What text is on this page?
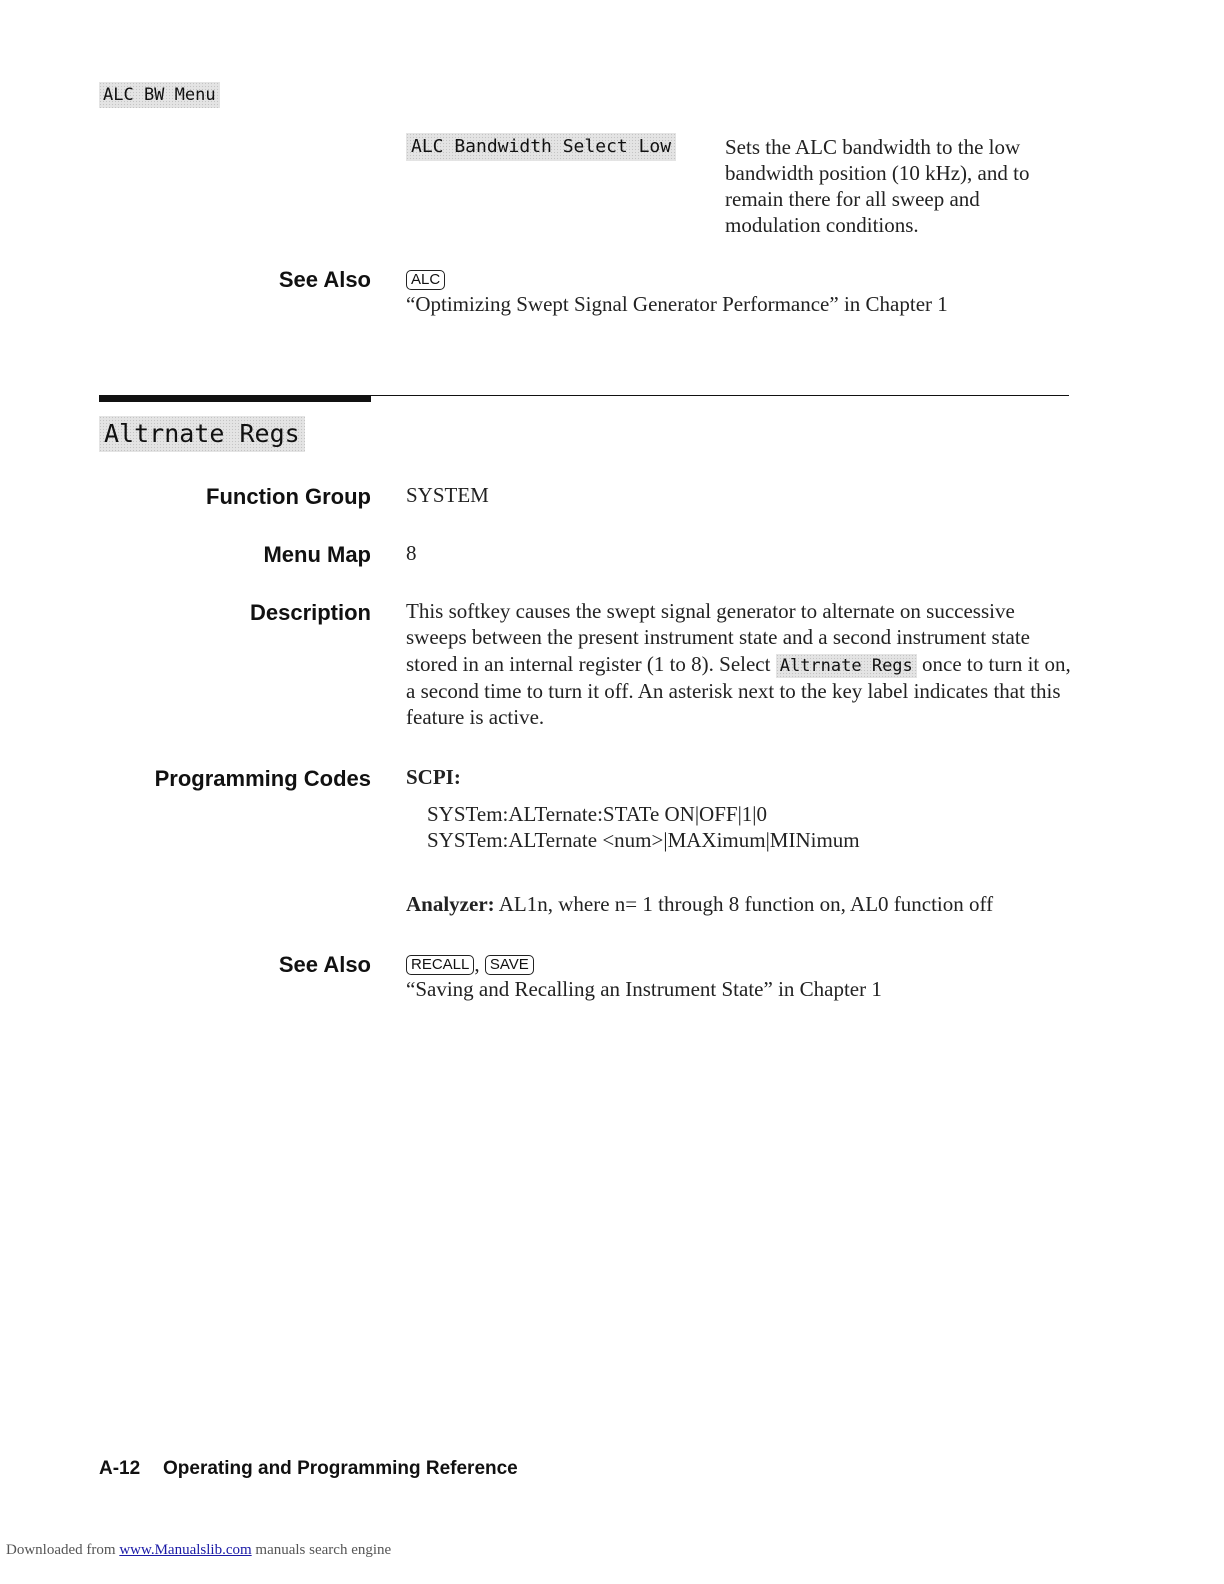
ALC BW Menu
ALC Bandwidth Select Low	Sets the ALC bandwidth to the low bandwidth position (10 kHz), and to remain there for all sweep and modulation conditions.
See Also	ALC
“Optimizing Swept Signal Generator Performance” in Chapter 1
Altrnate Regs
Function Group SYSTEM
Menu Map 8
Description This softkey causes the swept signal generator to alternate on successive sweeps between the present instrument state and a second instrument state stored in an internal register (1 to 8). Select Altrnate Regs once to turn it on, a second time to turn it off. An asterisk next to the key label indicates that this feature is active.
Programming Codes SCPI:
SYSTem:ALTernate:STATe ON|OFF|1|0
SYSTem:ALTernate <num>|MAXimum|MINimum
Analyzer: AL1n, where n= 1 through 8 function on, AL0 function off
See Also	RECALL , SAVE
“Saving and Recalling an Instrument State” in Chapter 1
A-12 Operating and Programming Reference
Downloaded from www.Manualslib.com manuals search engine
